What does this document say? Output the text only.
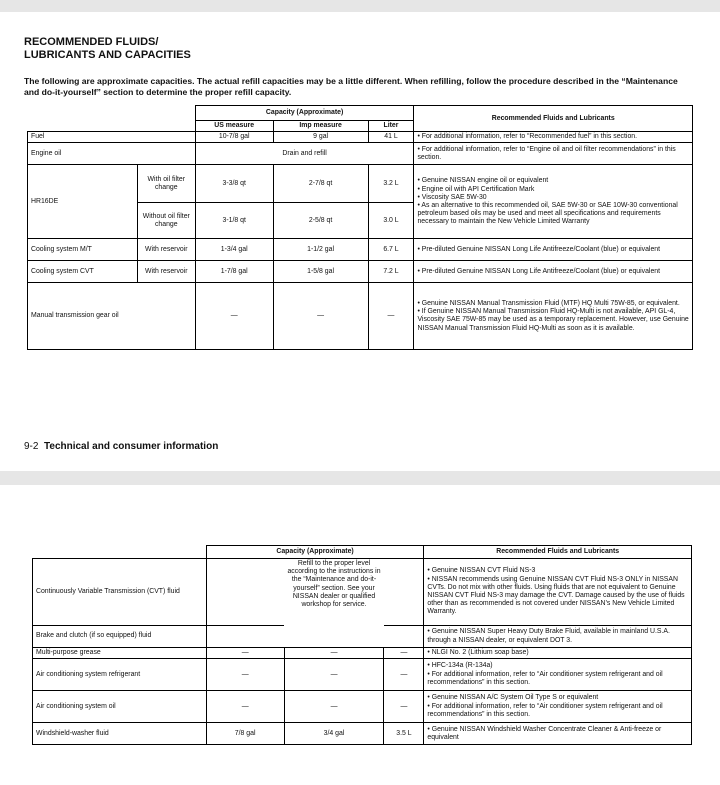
RECOMMENDED FLUIDS/
LUBRICANTS AND CAPACITIES
The following are approximate capacities. The actual refill capacities may be a little different. When refilling, follow the procedure described in the “Maintenance and do-it-yourself” section to determine the proper refill capacity.
		Capacity (Approximate)			Recommended Fluids and Lubricants
		US measure	Imp measure	Liter	
Fuel		10-7/8 gal	9 gal	41 L	• For additional information, refer to “Recommended fuel” in this section.
Engine oil		Drain and refill			• For additional information, refer to “Engine oil and oil filter recommendations” in this section.
HR16DE	With oil filter change	3-3/8 qt	2-7/8 qt	3.2 L	• Genuine NISSAN engine oil or equivalent
• Engine oil with API Certification Mark
• Viscosity SAE 5W-30
• As an alternative to this recommended oil, SAE 5W-30 or SAE 10W-30 conventional petroleum based oils may be used and meet all specifications and requirements necessary to maintain the New Vehicle Limited Warranty

	Without oil filter change	3-1/8 qt	2-5/8 qt	3.0 L	
Cooling system M/T	With reservoir	1-3/4 gal	1-1/2 gal	6.7 L	• Pre-diluted Genuine NISSAN Long Life Antifreeze/Coolant (blue) or equivalent
Cooling system CVT	With reservoir	1-7/8 gal	1-5/8 gal	7.2 L	• Pre-diluted Genuine NISSAN Long Life Antifreeze/Coolant (blue) or equivalent
Manual transmission gear oil		—	—	—	• Genuine NISSAN Manual Transmission Fluid (MTF) HQ Multi 75W-85, or equivalent.
• If Genuine NISSAN Manual Transmission Fluid HQ-Multi is not available, API GL-4, Viscosity SAE 75W-85 may be used as a temporary replacement. However, use Genuine NISSAN Manual Transmission Fluid HQ-Multi as soon as it is available.
9-2 Technical and consumer information
	Capacity (Approximate)			Recommended Fluids and Lubricants
Continuously Variable Transmission (CVT) fluid		Refill to the proper level according to the instructions in the “Maintenance and do-it-yourself” section. See your NISSAN dealer or qualified workshop for service.		• Genuine NISSAN CVT Fluid NS-3
• NISSAN recommends using Genuine NISSAN CVT Fluid NS-3 ONLY in NISSAN CVTs. Do not mix with other fluids. Using fluids that are not equivalent to Genuine NISSAN CVT Fluid NS-3 may damage the CVT. Damage caused by the use of fluids other than as recommended is not covered under NISSAN’s New Vehicle Limited Warranty.

Brake and clutch (if so equipped) fluid				• Genuine NISSAN Super Heavy Duty Brake Fluid, available in mainland U.S.A. through a NISSAN dealer, or equivalent DOT 3.
Multi-purpose grease	—	—	—	• NLGI No. 2 (Lithium soap base)
Air conditioning system refrigerant	—	—	—	• HFC-134a (R-134a)
• For additional information, refer to “Air conditioner system refrigerant and oil recommendations” in this section.

Air conditioning system oil	—	—	—	• Genuine NISSAN A/C System Oil Type S or equivalent
• For additional information, refer to “Air conditioner system refrigerant and oil recommendations” in this section.

Windshield-washer fluid	7/8 gal	3/4 gal	3.5 L	• Genuine NISSAN Windshield Washer Concentrate Cleaner & Anti-freeze or equivalent
